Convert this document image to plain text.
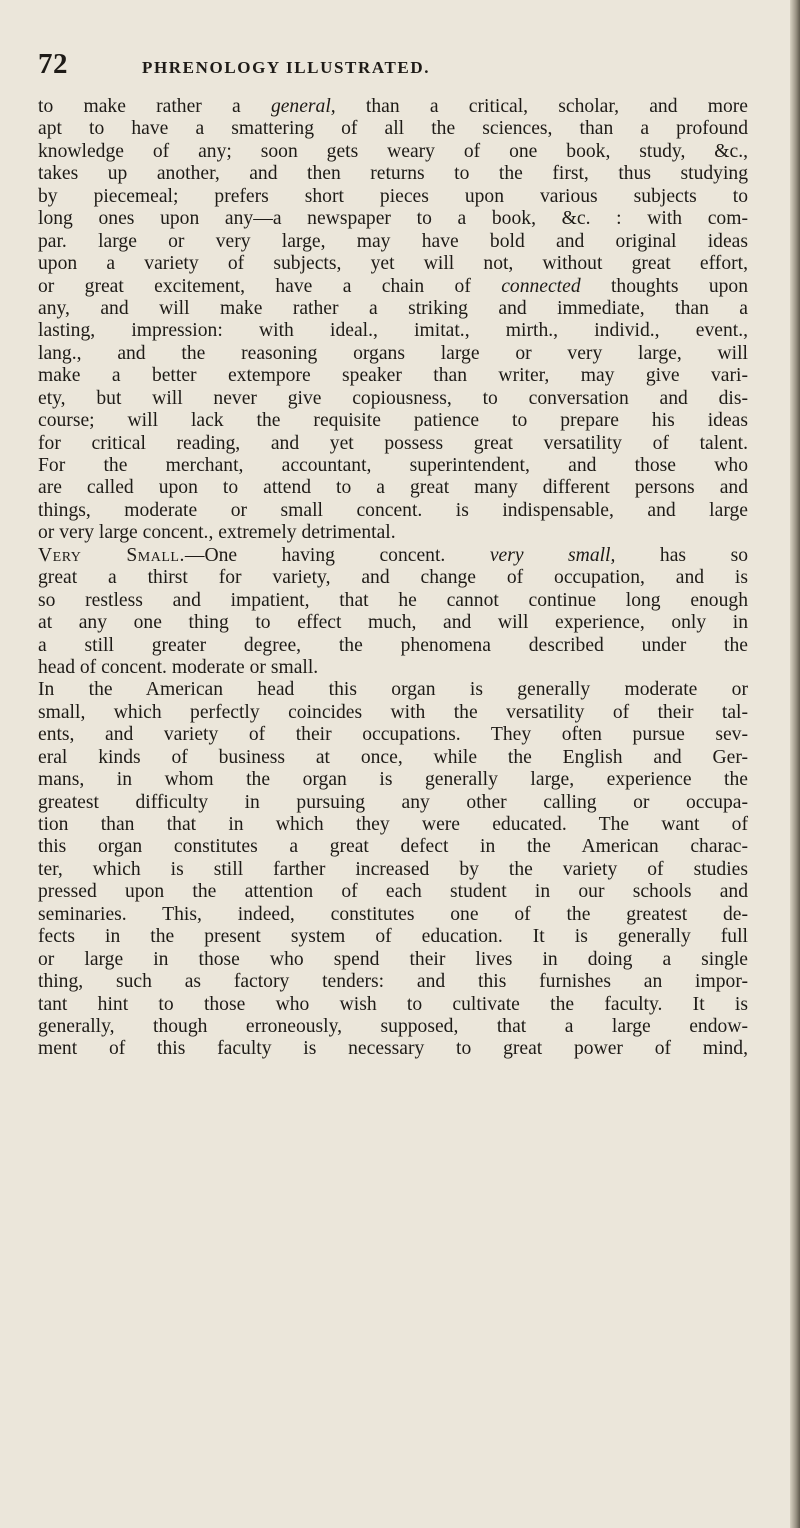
72	PHRENOLOGY ILLUSTRATED.
to make rather a general, than a critical, scholar, and more
apt to have a smattering of all the sciences, than a profound
knowledge of any; soon gets weary of one book, study, &c.,
takes up another, and then returns to the first, thus studying
by piecemeal; prefers short pieces upon various subjects to
long ones upon any—a newspaper to a book, &c. : with com-
par. large or very large, may have bold and original ideas
upon a variety of subjects, yet will not, without great effort,
or great excitement, have a chain of connected thoughts upon
any, and will make rather a striking and immediate, than a
lasting, impression: with ideal., imitat., mirth., individ., event.,
lang., and the reasoning organs large or very large, will
make a better extempore speaker than writer, may give vari-
ety, but will never give copiousness, to conversation and dis-
course; will lack the requisite patience to prepare his ideas
for critical reading, and yet possess great versatility of talent.
For the merchant, accountant, superintendent, and those who
are called upon to attend to a great many different persons and
things, moderate or small concent. is indispensable, and large
or very large concent., extremely detrimental.
Very Small.—One having concent. very small, has so
great a thirst for variety, and change of occupation, and is
so restless and impatient, that he cannot continue long enough
at any one thing to effect much, and will experience, only in
a still greater degree, the phenomena described under the
head of concent. moderate or small.
In the American head this organ is generally moderate or
small, which perfectly coincides with the versatility of their tal-
ents, and variety of their occupations. They often pursue sev-
eral kinds of business at once, while the English and Ger-
mans, in whom the organ is generally large, experience the
greatest difficulty in pursuing any other calling or occupa-
tion than that in which they were educated. The want of
this organ constitutes a great defect in the American charac-
ter, which is still farther increased by the variety of studies
pressed upon the attention of each student in our schools and
seminaries. This, indeed, constitutes one of the greatest de-
fects in the present system of education. It is generally full
or large in those who spend their lives in doing a single
thing, such as factory tenders: and this furnishes an impor-
tant hint to those who wish to cultivate the faculty. It is
generally, though erroneously, supposed, that a large endow-
ment of this faculty is necessary to great power of mind,
